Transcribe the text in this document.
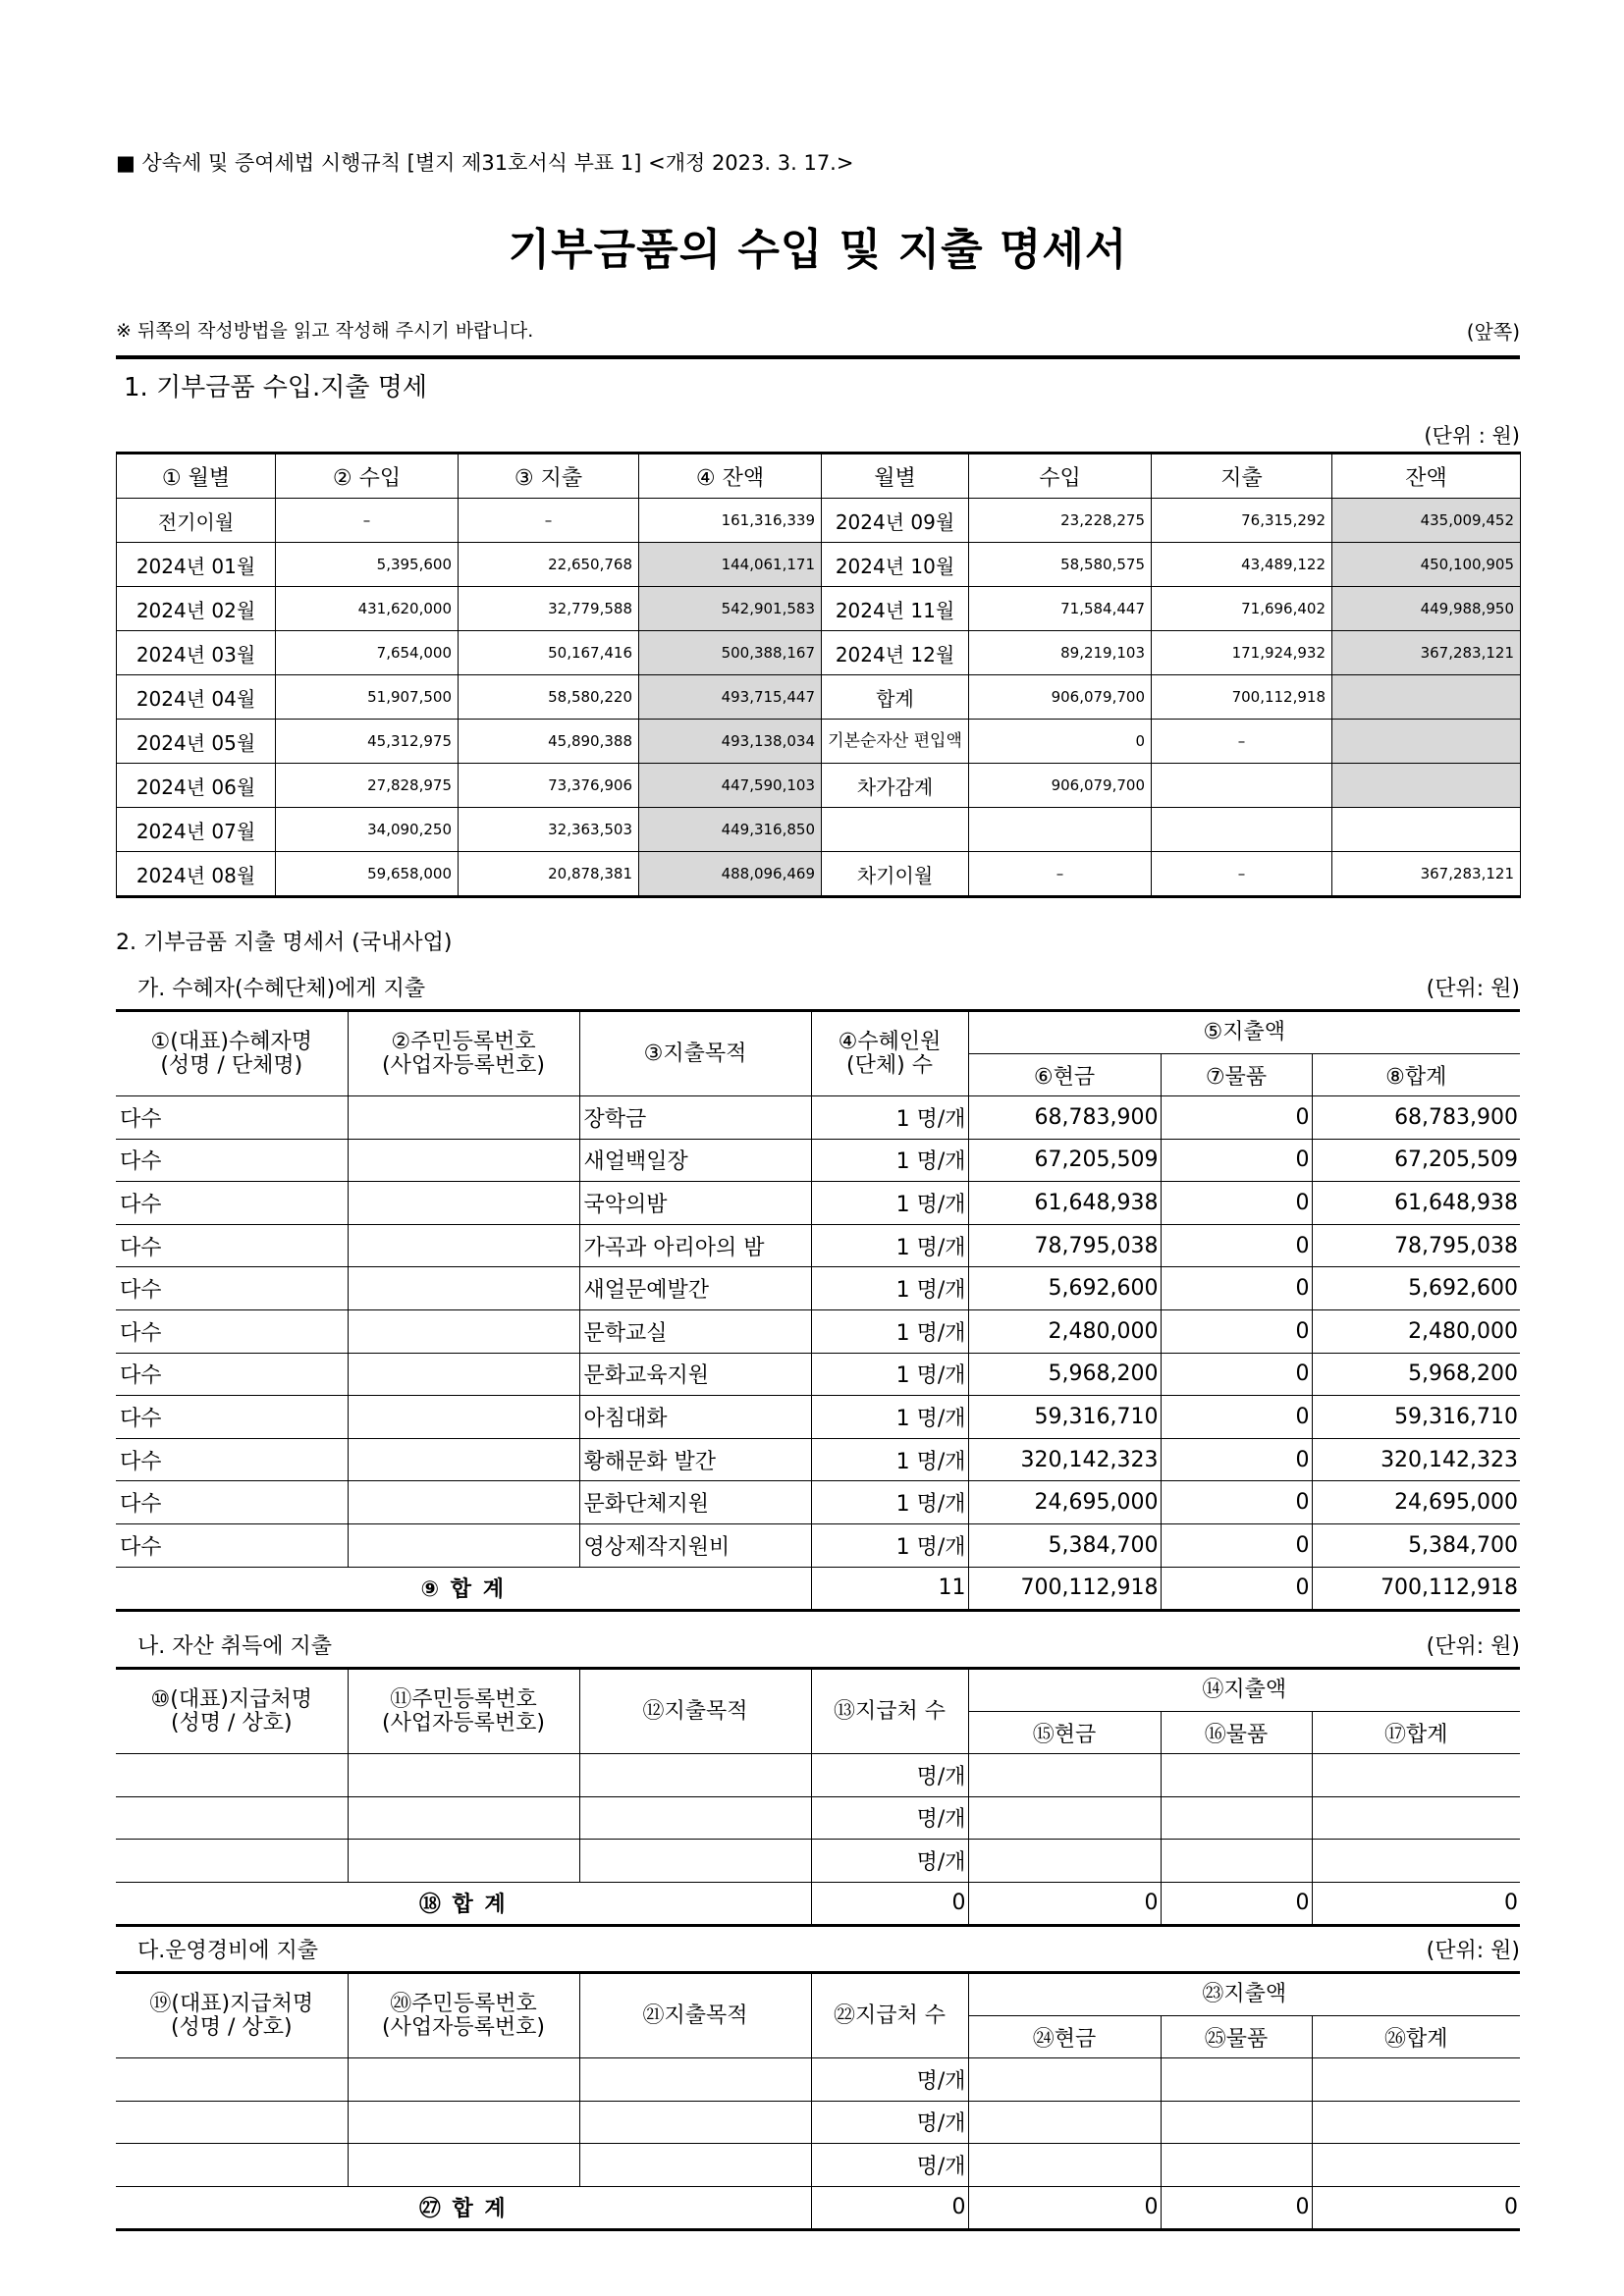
■ 상속세 및 증여세법 시행규칙 [별지 제31호서식 부표 1] <개정 2023. 3. 17.>
기부금품의 수입 및 지출 명세서
※ 뒤쪽의 작성방법을 읽고 작성해 주시기 바랍니다.	(앞쪽)
1. 기부금품 수입.지출 명세
(단위 : 원)
① 월별	② 수입	③ 지출	④ 잔액	월별	수입	지출	잔액
전기이월	–	–	161,316,339	2024년 09월	23,228,275	76,315,292	435,009,452
2024년 01월	5,395,600	22,650,768	144,061,171	2024년 10월	58,580,575	43,489,122	450,100,905
2024년 02월	431,620,000	32,779,588	542,901,583	2024년 11월	71,584,447	71,696,402	449,988,950
2024년 03월	7,654,000	50,167,416	500,388,167	2024년 12월	89,219,103	171,924,932	367,283,121
2024년 04월	51,907,500	58,580,220	493,715,447	합계	906,079,700	700,112,918	
2024년 05월	45,312,975	45,890,388	493,138,034	기본순자산 편입액	0	–	
2024년 06월	27,828,975	73,376,906	447,590,103	차가감계	906,079,700		
2024년 07월	34,090,250	32,363,503	449,316,850				
2024년 08월	59,658,000	20,878,381	488,096,469	차기이월	–	–	367,283,121
2. 기부금품 지출 명세서 (국내사업)
가. 수혜자(수혜단체)에게 지출	(단위: 원)
①(대표)수혜자명
(성명 / 단체명)	②주민등록번호
(사업자등록번호)	③지출목적	④수혜인원
(단체) 수	⑤지출액		
				⑥현금	⑦물품	⑧합계
다수		장학금	1 명/개	68,783,900	0	68,783,900
다수		새얼백일장	1 명/개	67,205,509	0	67,205,509
다수		국악의밤	1 명/개	61,648,938	0	61,648,938
다수		가곡과 아리아의 밤	1 명/개	78,795,038	0	78,795,038
다수		새얼문예발간	1 명/개	5,692,600	0	5,692,600
다수		문학교실	1 명/개	2,480,000	0	2,480,000
다수		문화교육지원	1 명/개	5,968,200	0	5,968,200
다수		아침대화	1 명/개	59,316,710	0	59,316,710
다수		황해문화 발간	1 명/개	320,142,323	0	320,142,323
다수		문화단체지원	1 명/개	24,695,000	0	24,695,000
다수		영상제작지원비	1 명/개	5,384,700	0	5,384,700
⑨ 합 계			11	700,112,918	0	700,112,918
나. 자산 취득에 지출	(단위: 원)
⑩(대표)지급처명
(성명 / 상호)	⑪주민등록번호
(사업자등록번호)	⑫지출목적	⑬지급처 수	⑭지출액		
				⑮현금	⑯물품	⑰합계
			명/개			
			명/개			
			명/개			
⑱ 합 계			0	0	0	0
다.운영경비에 지출	(단위: 원)
⑲(대표)지급처명
(성명 / 상호)	⑳주민등록번호
(사업자등록번호)	㉑지출목적	㉒지급처 수	㉓지출액		
				㉔현금	㉕물품	㉖합계
			명/개			
			명/개			
			명/개			
㉗ 합 계			0	0	0	0
